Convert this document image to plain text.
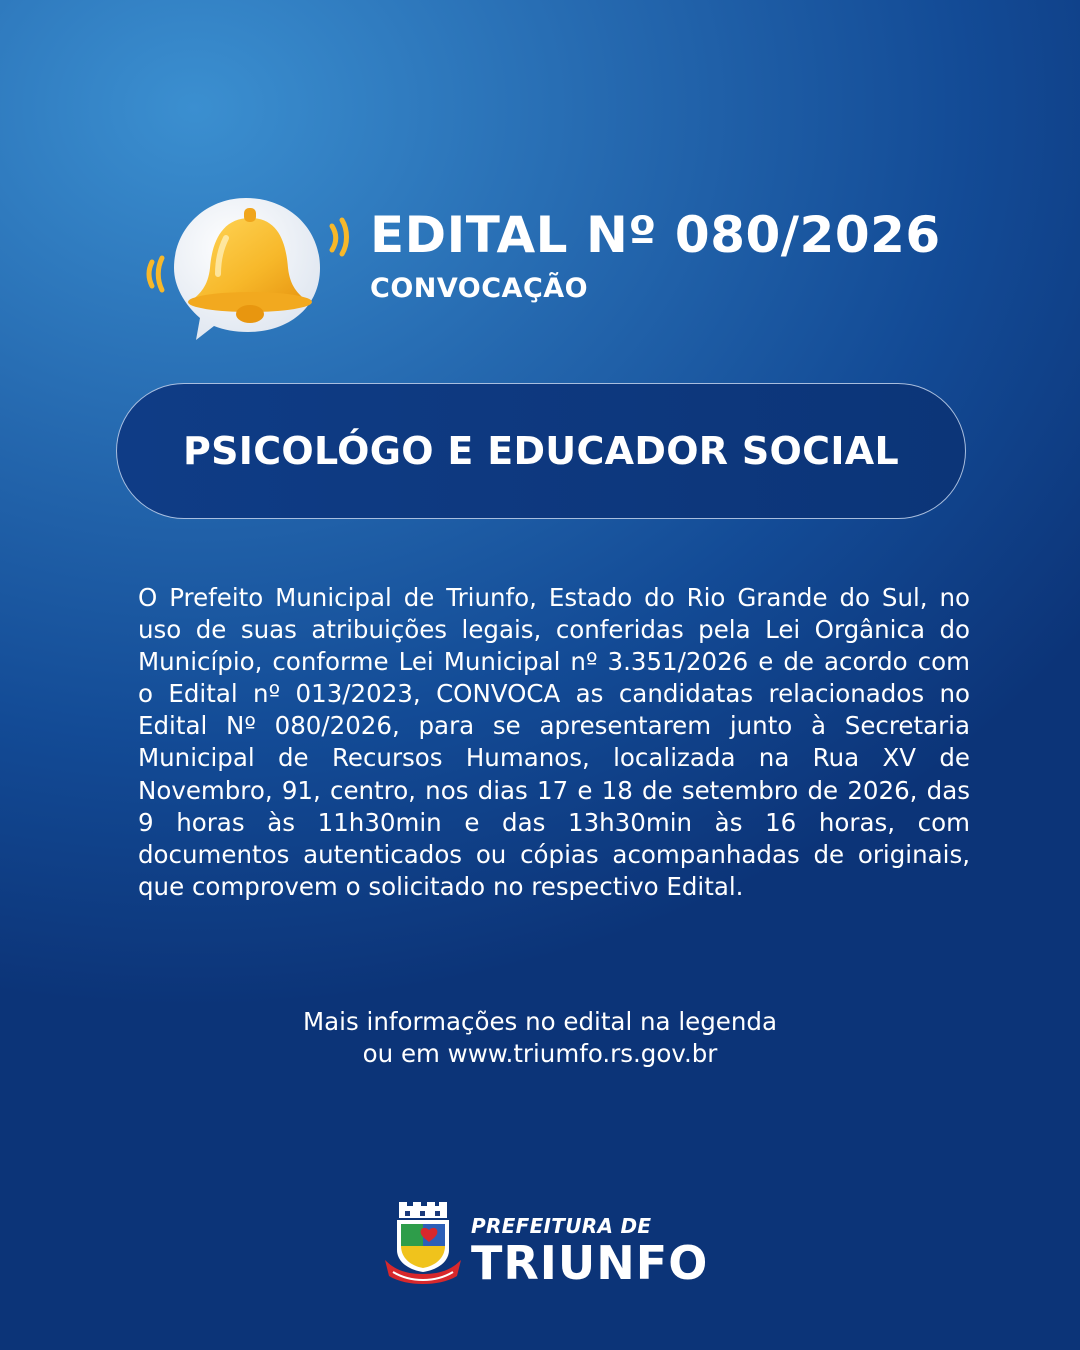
EDITAL Nº 080/2026
CONVOCAÇÃO
PSICOLÓGO E EDUCADOR SOCIAL
O Prefeito Municipal de Triunfo, Estado do Rio Grande do Sul, no uso de suas atribuições legais, conferidas pela Lei Orgânica do Município, conforme Lei Municipal nº 3.351/2026 e de acordo com o Edital nº 013/2023, CONVOCA as candidatas relacionados no Edital Nº 080/2026, para se apresentarem junto à Secretaria Municipal de Recursos Humanos, localizada na Rua XV de Novembro, 91, centro, nos dias 17 e 18 de setembro de 2026, das 9 horas às 11h30min e das 13h30min às 16 horas, com documentos autenticados ou cópias acompanhadas de originais, que comprovem o solicitado no respectivo Edital.
Mais informações no edital na legenda
ou em www.triumfo.rs.gov.br
PREFEITURA DE
TRIUNFO
